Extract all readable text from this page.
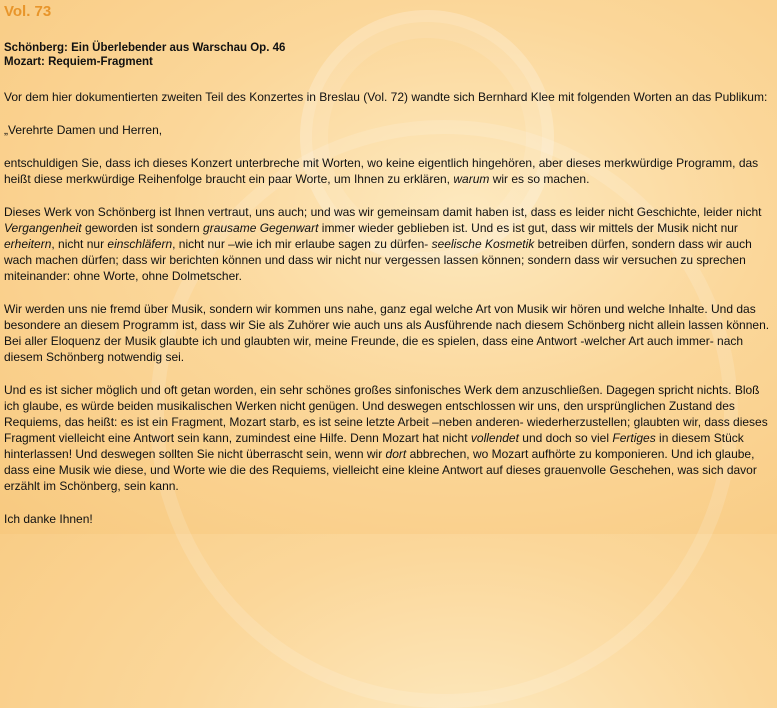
Vol. 73
Schönberg: Ein Überlebender aus Warschau Op. 46
Mozart: Requiem-Fragment

Vor dem hier dokumentierten zweiten Teil des Konzertes in Breslau (Vol. 72) wandte sich Bernhard Klee mit folgenden Worten an das Publikum:

„Verehrte Damen und Herren,

entschuldigen Sie, dass ich dieses Konzert unterbreche mit Worten, wo keine eigentlich hingehören, aber dieses merkwürdige Programm, das heißt diese merkwürdige Reihenfolge braucht ein paar Worte, um Ihnen zu erklären, warum wir es so machen.

Dieses Werk von Schönberg ist Ihnen vertraut, uns auch; und was wir gemeinsam damit haben ist, dass es leider nicht Geschichte, leider nicht Vergangenheit geworden ist sondern grausame Gegenwart immer wieder geblieben ist. Und es ist gut, dass wir mittels der Musik nicht nur erheitern, nicht nur einschläfern, nicht nur –wie ich mir erlaube sagen zu dürfen- seelische Kosmetik betreiben dürfen, sondern dass wir auch wach machen dürfen; dass wir berichten können und dass wir nicht nur vergessen lassen können; sondern dass wir versuchen zu sprechen miteinander: ohne Worte, ohne Dolmetscher.

Wir werden uns nie fremd über Musik, sondern wir kommen uns nahe, ganz egal welche Art von Musik wir hören und welche Inhalte. Und das besondere an diesem Programm ist, dass wir Sie als Zuhörer wie auch uns als Ausführende nach diesem Schönberg nicht allein lassen können. Bei aller Eloquenz der Musik glaubte ich und glaubten wir, meine Freunde, die es spielen, dass eine Antwort -welcher Art auch immer- nach diesem Schönberg notwendig sei.

Und es ist sicher möglich und oft getan worden, ein sehr schönes großes sinfonisches Werk dem anzuschließen. Dagegen spricht nichts. Bloß ich glaube, es würde beiden musikalischen Werken nicht genügen. Und deswegen entschlossen wir uns, den ursprünglichen Zustand des Requiems, das heißt: es ist ein Fragment, Mozart starb, es ist seine letzte Arbeit –neben anderen- wiederherzustellen; glaubten wir, dass dieses Fragment vielleicht eine Antwort sein kann, zumindest eine Hilfe. Denn Mozart hat nicht vollendet und doch so viel Fertiges in diesem Stück hinterlassen! Und deswegen sollten Sie nicht überrascht sein, wenn wir dort abbrechen, wo Mozart aufhörte zu komponieren. Und ich glaube, dass eine Musik wie diese, und Worte wie die des Requiems, vielleicht eine kleine Antwort auf dieses grauenvolle Geschehen, was sich davor erzählt im Schönberg, sein kann.

Ich danke Ihnen!
